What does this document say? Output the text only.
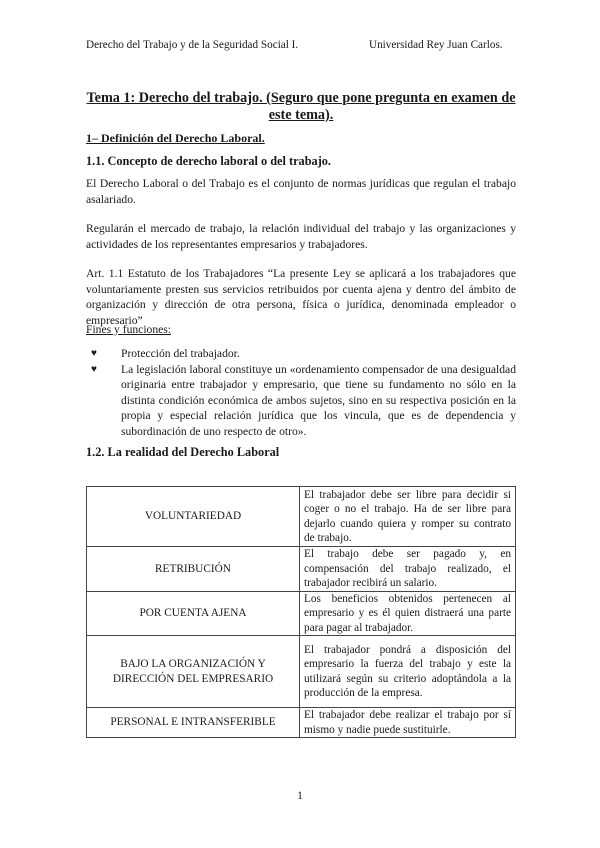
Derecho del Trabajo y de la Seguridad Social I.	Universidad Rey Juan Carlos.
Tema 1: Derecho del trabajo. (Seguro que pone pregunta en examen de este tema).
1– Definición del Derecho Laboral.
1.1. Concepto de derecho laboral o del trabajo.

El Derecho Laboral o del Trabajo es el conjunto de normas jurídicas que regulan el trabajo asalariado.

Regularán el mercado de trabajo, la relación individual del trabajo y las organizaciones y actividades de los representantes empresarios y trabajadores.

Art. 1.1 Estatuto de los Trabajadores “La presente Ley se aplicará a los trabajadores que voluntariamente presten sus servicios retribuidos por cuenta ajena y dentro del ámbito de organización y dirección de otra persona, física o jurídica, denominada empleador o empresario”

Fines y funciones:
♥ Protección del trabajador.
♥ La legislación laboral constituye un «ordenamiento compensador de una desigualdad originaria entre trabajador y empresario, que tiene su fundamento no sólo en la distinta condición económica de ambos sujetos, sino en su respectiva posición en la propia y especial relación jurídica que los vincula, que es de dependencia y subordinación de uno respecto de otro».
1.2. La realidad del Derecho Laboral
VOLUNTARIEDAD	El trabajador debe ser libre para decidir si coger o no el trabajo. Ha de ser libre para dejarlo cuando quiera y romper su contrato de trabajo.
RETRIBUCIÓN	El trabajo debe ser pagado y, en compensación del trabajo realizado, el trabajador recibirá un salario.
POR CUENTA AJENA	Los beneficios obtenidos pertenecen al empresario y es él quien distraerá una parte para pagar al trabajador.
BAJO LA ORGANIZACIÓN Y DIRECCIÓN DEL EMPRESARIO	El trabajador pondrá a disposición del empresario la fuerza del trabajo y este la utilizará según su criterio adoptándola a la producción de la empresa.
PERSONAL E INTRANSFERIBLE	El trabajador debe realizar el trabajo por sí mismo y nadie puede sustituirle.
1
